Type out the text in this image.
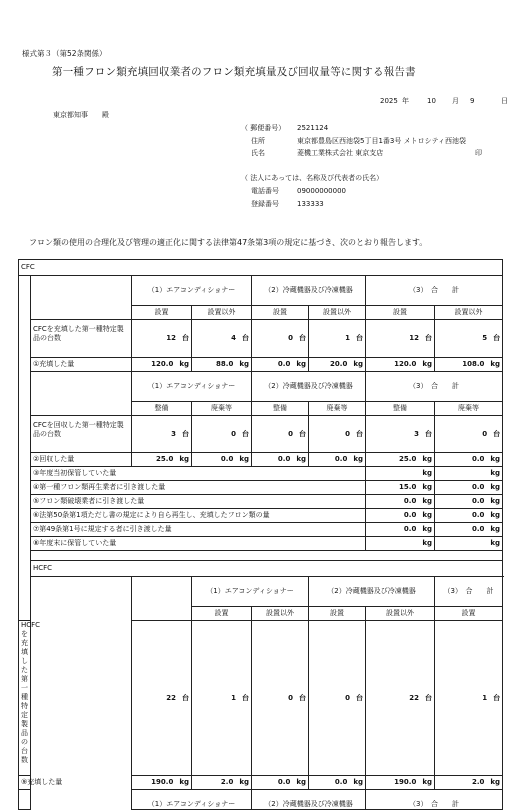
様式第３（第52条関係）
第一種フロン類充填回収業者のフロン類充填量及び回収量等に関する報告書
2025 年	10 月 9	日
東京都知事　　殿
（ 郵便番号） 2521124
住所	東京都豊島区西池袋5丁目1番3号 メトロシティ西池袋
氏名	菱機工業株式会社 東京支店	印
（ 法人にあっては、名称及び代表者の氏名）
電話番号	09000000000
登録番号	133333
フロン類の使用の合理化及び管理の適正化に関する法律第47条第3項の規定に基づき、次のとおり報告します。
CFC								
		（1）エアコンディショナー		（2）冷蔵機器及び冷凍機器		（3）　合　　計		
		設置	設置以外	設置	設置以外	設置	設置以外	
	CFCを充填した第一種特定製品の台数	12 台	4 台	0 台	1 台	12 台	5 台	
	①充填した量	120.0 kg	88.0 kg	0.0 kg	20.0 kg	120.0 kg	108.0 kg	
		（1）エアコンディショナー		（2）冷蔵機器及び冷凍機器		（3）　合　　計		
		整備	廃棄等	整備	廃棄等	整備	廃棄等	
	CFCを回収した第一種特定製品の台数	3 台	0 台	0 台	0 台	3 台	0 台	
	②回収した量	25.0 kg	0.0 kg	0.0 kg	0.0 kg	25.0 kg	0.0 kg	
	③年度当初保管していた量					kg	kg	
	④第一種フロン類再生業者に引き渡した量					15.0 kg	0.0 kg	
	⑤フロン類破壊業者に引き渡した量					0.0 kg	0.0 kg	
	⑥法第50条第1項ただし書の規定により自ら再生し、充填したフロン類の量					0.0 kg	0.0 kg	
	⑦第49条第1号に規定する者に引き渡した量					0.0 kg	0.0 kg	
	⑧年度末に保管していた量					kg	kg	

	HCFC							
			（1）エアコンディショナー		（2）冷蔵機器及び冷凍機器		（3）　合　　計	
			設置	設置以外	設置	設置以外	設置	
HCFCを充填した第一種特定製品の台数		22 台	1 台	0 台	0 台	22 台	1 台	
⑨充填した量		190.0 kg	2.0 kg	0.0 kg	0.0 kg	190.0 kg	2.0 kg	
		（1）エアコンディショナー		（2）冷蔵機器及び冷凍機器		（3）　合　　計		
